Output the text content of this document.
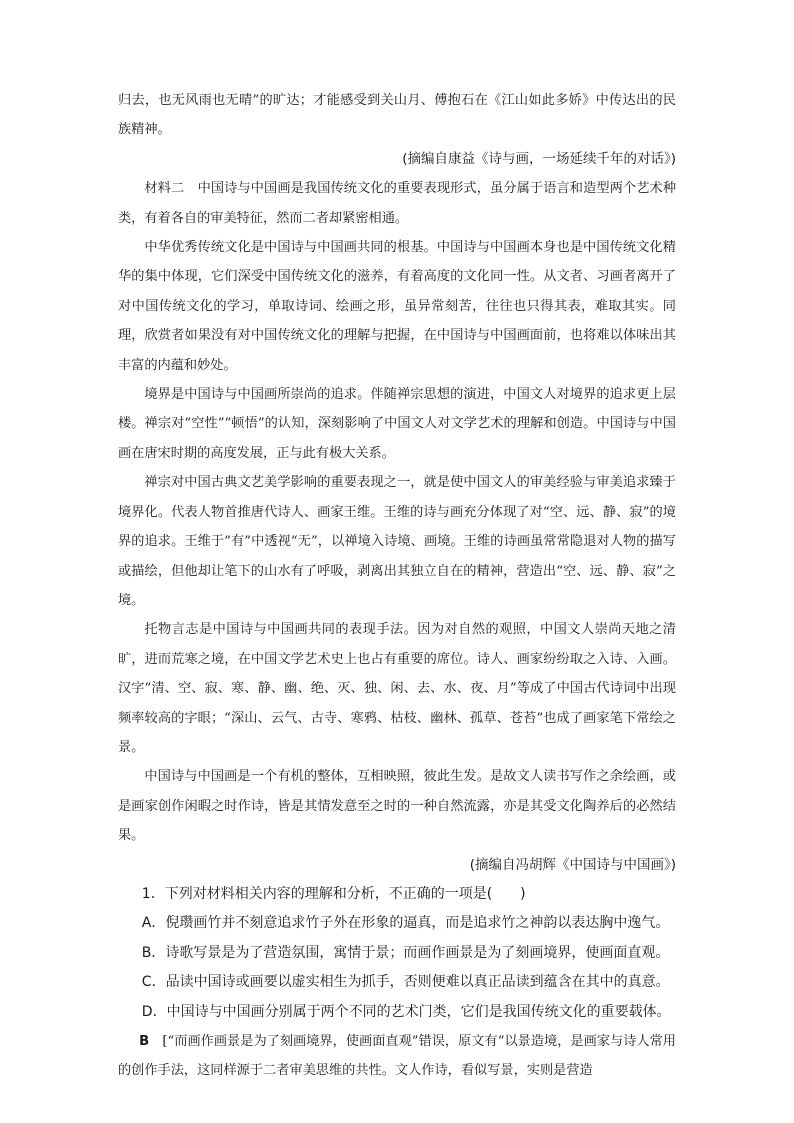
归去，也无风雨也无晴”的旷达；才能感受到关山月、傅抱石在《江山如此多娇》中传达出的民族精神。

(摘编自康益《诗与画，一场延续千年的对话》)

材料二　 中国诗与中国画是我国传统文化的重要表现形式，虽分属于语言和造型两个艺术种类，有着各自的审美特征，然而二者却紧密相通。

中华优秀传统文化是中国诗与中国画共同的根基。中国诗与中国画本身也是中国传统文化精华的集中体现，它们深受中国传统文化的滋养，有着高度的文化同一性。从文者、习画者离开了对中国传统文化的学习，单取诗词、绘画之形，虽异常刻苦，往往也只得其表，难取其实。同理，欣赏者如果没有对中国传统文化的理解与把握，在中国诗与中国画面前，也将难以体味出其丰富的内蕴和妙处。

境界是中国诗与中国画所崇尚的追求。伴随禅宗思想的演进，中国文人对境界的追求更上层楼。禅宗对“空性”“顿悟”的认知，深刻影响了中国文人对文学艺术的理解和创造。中国诗与中国画在唐宋时期的高度发展，正与此有极大关系。

禅宗对中国古典文艺美学影响的重要表现之一，就是使中国文人的审美经验与审美追求臻于境界化。代表人物首推唐代诗人、画家王维。王维的诗与画充分体现了对“空、远、静、寂”的境界的追求。王维于“有”中透视“无”，以禅境入诗境、画境。王维的诗画虽常常隐退对人物的描写或描绘，但他却让笔下的山水有了呼吸，剥离出其独立自在的精神，营造出“空、远、静、寂”之境。

托物言志是中国诗与中国画共同的表现手法。因为对自然的观照，中国文人崇尚天地之清旷，进而荒寒之境，在中国文学艺术史上也占有重要的席位。诗人、画家纷纷取之入诗、入画。汉字“清、空、寂、寒、静、幽、绝、灭、独、闲、去、水、夜、月”等成了中国古代诗词中出现频率较高的字眼；“深山、云气、古寺、寒鸦、枯枝、幽林、孤草、苍苔”也成了画家笔下常绘之景。

中国诗与中国画是一个有机的整体，互相映照，彼此生发。是故文人读书写作之余绘画，或是画家创作闲暇之时作诗，皆是其情发意至之时的一种自然流露，亦是其受文化陶养后的必然结果。

(摘编自冯胡辉《中国诗与中国画》)

1．下列对材料相关内容的理解和分析，不正确的一项是(　　)

A．倪瓒画竹并不刻意追求竹子外在形象的逼真，而是追求竹之神韵以表达胸中逸气。

B．诗歌写景是为了营造氛围，寓情于景；而画作画景是为了刻画境界，使画面直观。

C．品读中国诗或画要以虚实相生为抓手，否则便难以真正品读到蕴含在其中的真意。

D．中国诗与中国画分别属于两个不同的艺术门类，它们是我国传统文化的重要载体。

B　[“而画作画景是为了刻画境界，使画面直观”错误，原文有“以景造境，是画家与诗人常用的创作手法，这同样源于二者审美思维的共性。文人作诗，看似写景，实则是营造
